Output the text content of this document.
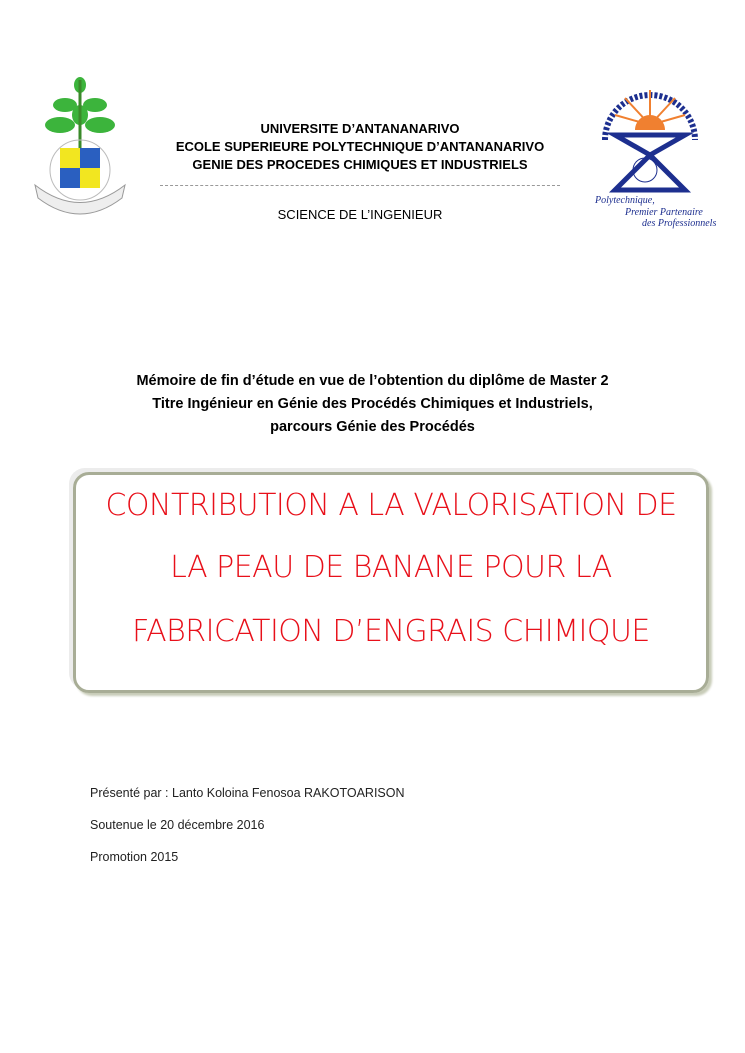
Polytechnique,
Premier Partenaire
des Professionnels
UNIVERSITE D’ANTANANARIVO
ECOLE SUPERIEURE POLYTECHNIQUE D’ANTANANARIVO
GENIE DES PROCEDES CHIMIQUES ET INDUSTRIELS
SCIENCE DE L’INGENIEUR
Mémoire de fin d’étude en vue de l’obtention du diplôme de Master 2
Titre Ingénieur en Génie des Procédés Chimiques et Industriels,
parcours Génie des Procédés
CONTRIBUTION A LA VALORISATION DE
LA PEAU DE BANANE POUR LA
FABRICATION D’ENGRAIS CHIMIQUE
Présenté par : Lanto Koloina Fenosoa RAKOTOARISON
Soutenue le 20 décembre 2016
Promotion 2015
